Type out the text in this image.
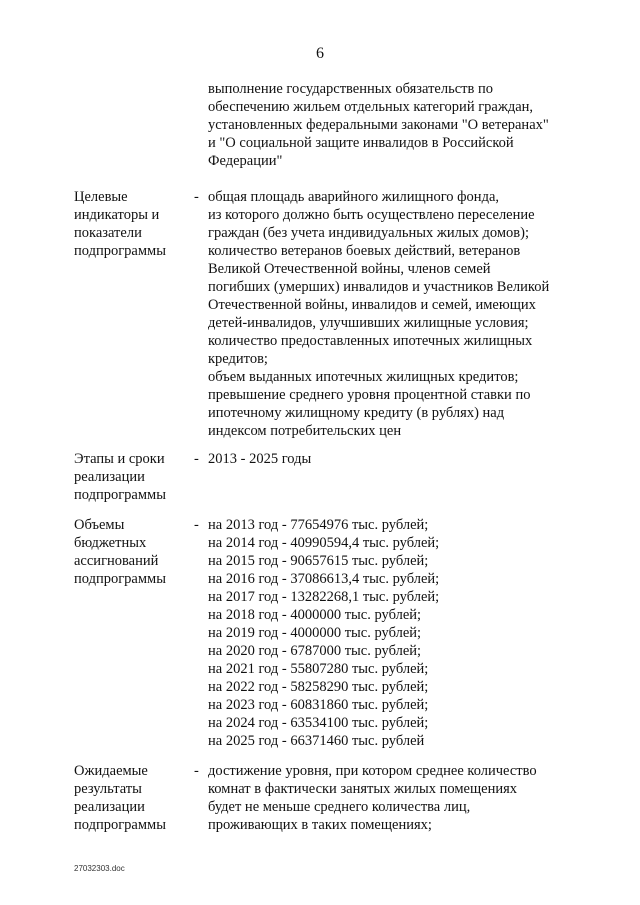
6
выполнение государственных обязательств по
обеспечению жильем отдельных категорий граждан,
установленных федеральными законами "О ветеранах"
и "О социальной защите инвалидов в Российской
Федерации"
Целевые
индикаторы и
показатели
подпрограммы
- общая площадь аварийного жилищного фонда,
из которого должно быть осуществлено переселение
граждан (без учета индивидуальных жилых домов);
количество ветеранов боевых действий, ветеранов
Великой Отечественной войны, членов семей
погибших (умерших) инвалидов и участников Великой
Отечественной войны, инвалидов и семей, имеющих
детей-инвалидов, улучшивших жилищные условия;
количество предоставленных ипотечных жилищных
кредитов;
объем выданных ипотечных жилищных кредитов;
превышение среднего уровня процентной ставки по
ипотечному жилищному кредиту (в рублях) над
индексом потребительских цен
Этапы и сроки
реализации
подпрограммы
- 2013 - 2025 годы
Объемы
бюджетных
ассигнований
подпрограммы
- на 2013 год - 77654976 тыс. рублей;
на 2014 год - 40990594,4 тыс. рублей;
на 2015 год - 90657615 тыс. рублей;
на 2016 год - 37086613,4 тыс. рублей;
на 2017 год - 13282268,1 тыс. рублей;
на 2018 год - 4000000 тыс. рублей;
на 2019 год - 4000000 тыс. рублей;
на 2020 год - 6787000 тыс. рублей;
на 2021 год - 55807280 тыс. рублей;
на 2022 год - 58258290 тыс. рублей;
на 2023 год - 60831860 тыс. рублей;
на 2024 год - 63534100 тыс. рублей;
на 2025 год - 66371460 тыс. рублей
Ожидаемые
результаты
реализации
подпрограммы
- достижение уровня, при котором среднее количество
комнат в фактически занятых жилых помещениях
будет не меньше среднего количества лиц,
проживающих в таких помещениях;
27032303.doc
